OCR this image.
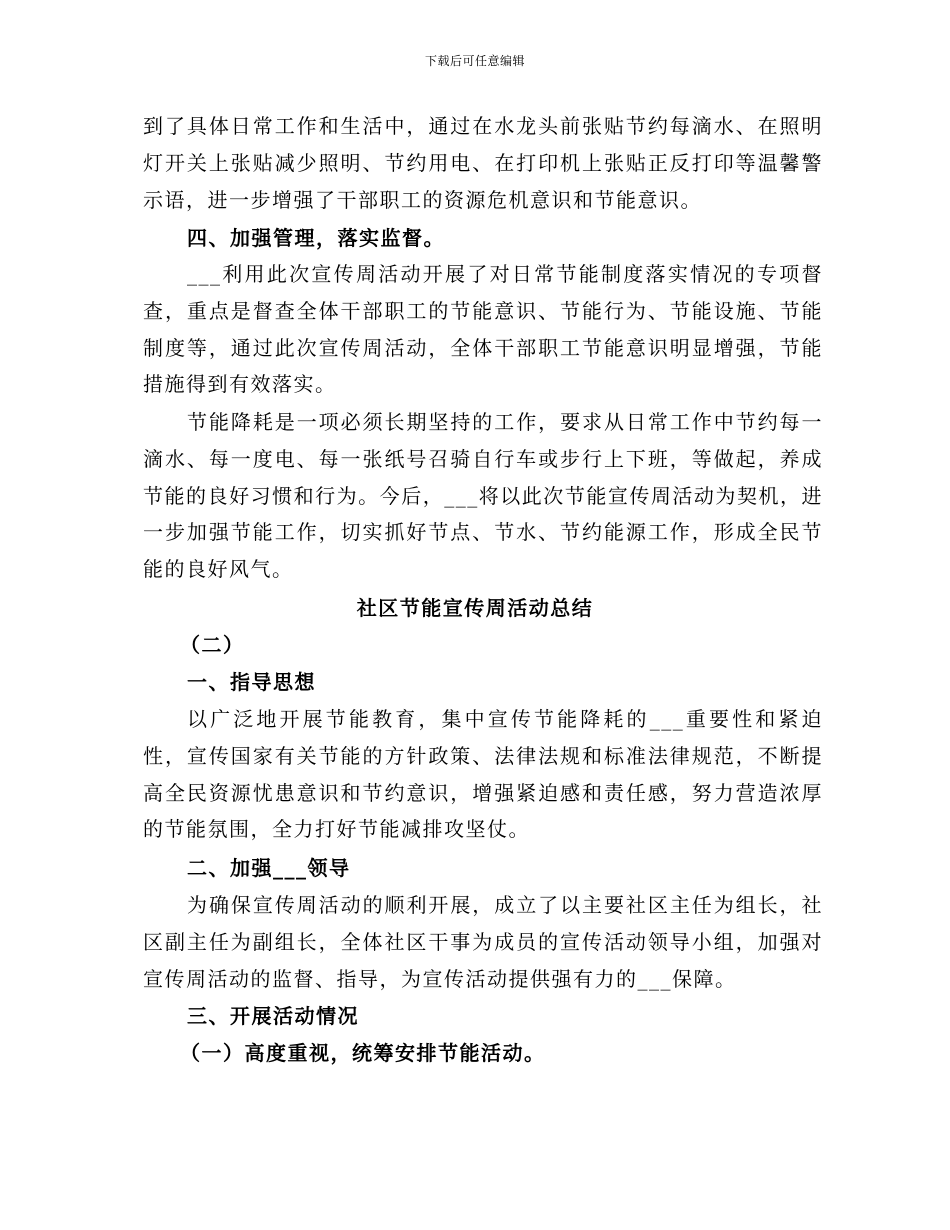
下载后可任意编辑

到了具体日常工作和生活中，通过在水龙头前张贴节约每滴水、在照明灯开关上张贴减少照明、节约用电、在打印机上张贴正反打印等温馨警示语，进一步增强了干部职工的资源危机意识和节能意识。

四、加强管理，落实监督。

___利用此次宣传周活动开展了对日常节能制度落实情况的专项督查，重点是督查全体干部职工的节能意识、节能行为、节能设施、节能制度等，通过此次宣传周活动，全体干部职工节能意识明显增强，节能措施得到有效落实。

节能降耗是一项必须长期坚持的工作，要求从日常工作中节约每一滴水、每一度电、每一张纸号召骑自行车或步行上下班，等做起，养成节能的良好习惯和行为。今后，___将以此次节能宣传周活动为契机，进一步加强节能工作，切实抓好节点、节水、节约能源工作，形成全民节能的良好风气。

社区节能宣传周活动总结

（二）

一、指导思想

以广泛地开展节能教育，集中宣传节能降耗的___重要性和紧迫性，宣传国家有关节能的方针政策、法律法规和标准法律规范，不断提高全民资源忧患意识和节约意识，增强紧迫感和责任感，努力营造浓厚的节能氛围，全力打好节能减排攻坚仗。

二、加强___领导

为确保宣传周活动的顺利开展，成立了以主要社区主任为组长，社区副主任为副组长，全体社区干事为成员的宣传活动领导小组，加强对宣传周活动的监督、指导，为宣传活动提供强有力的___保障。

三、开展活动情况

（一）高度重视，统筹安排节能活动。
